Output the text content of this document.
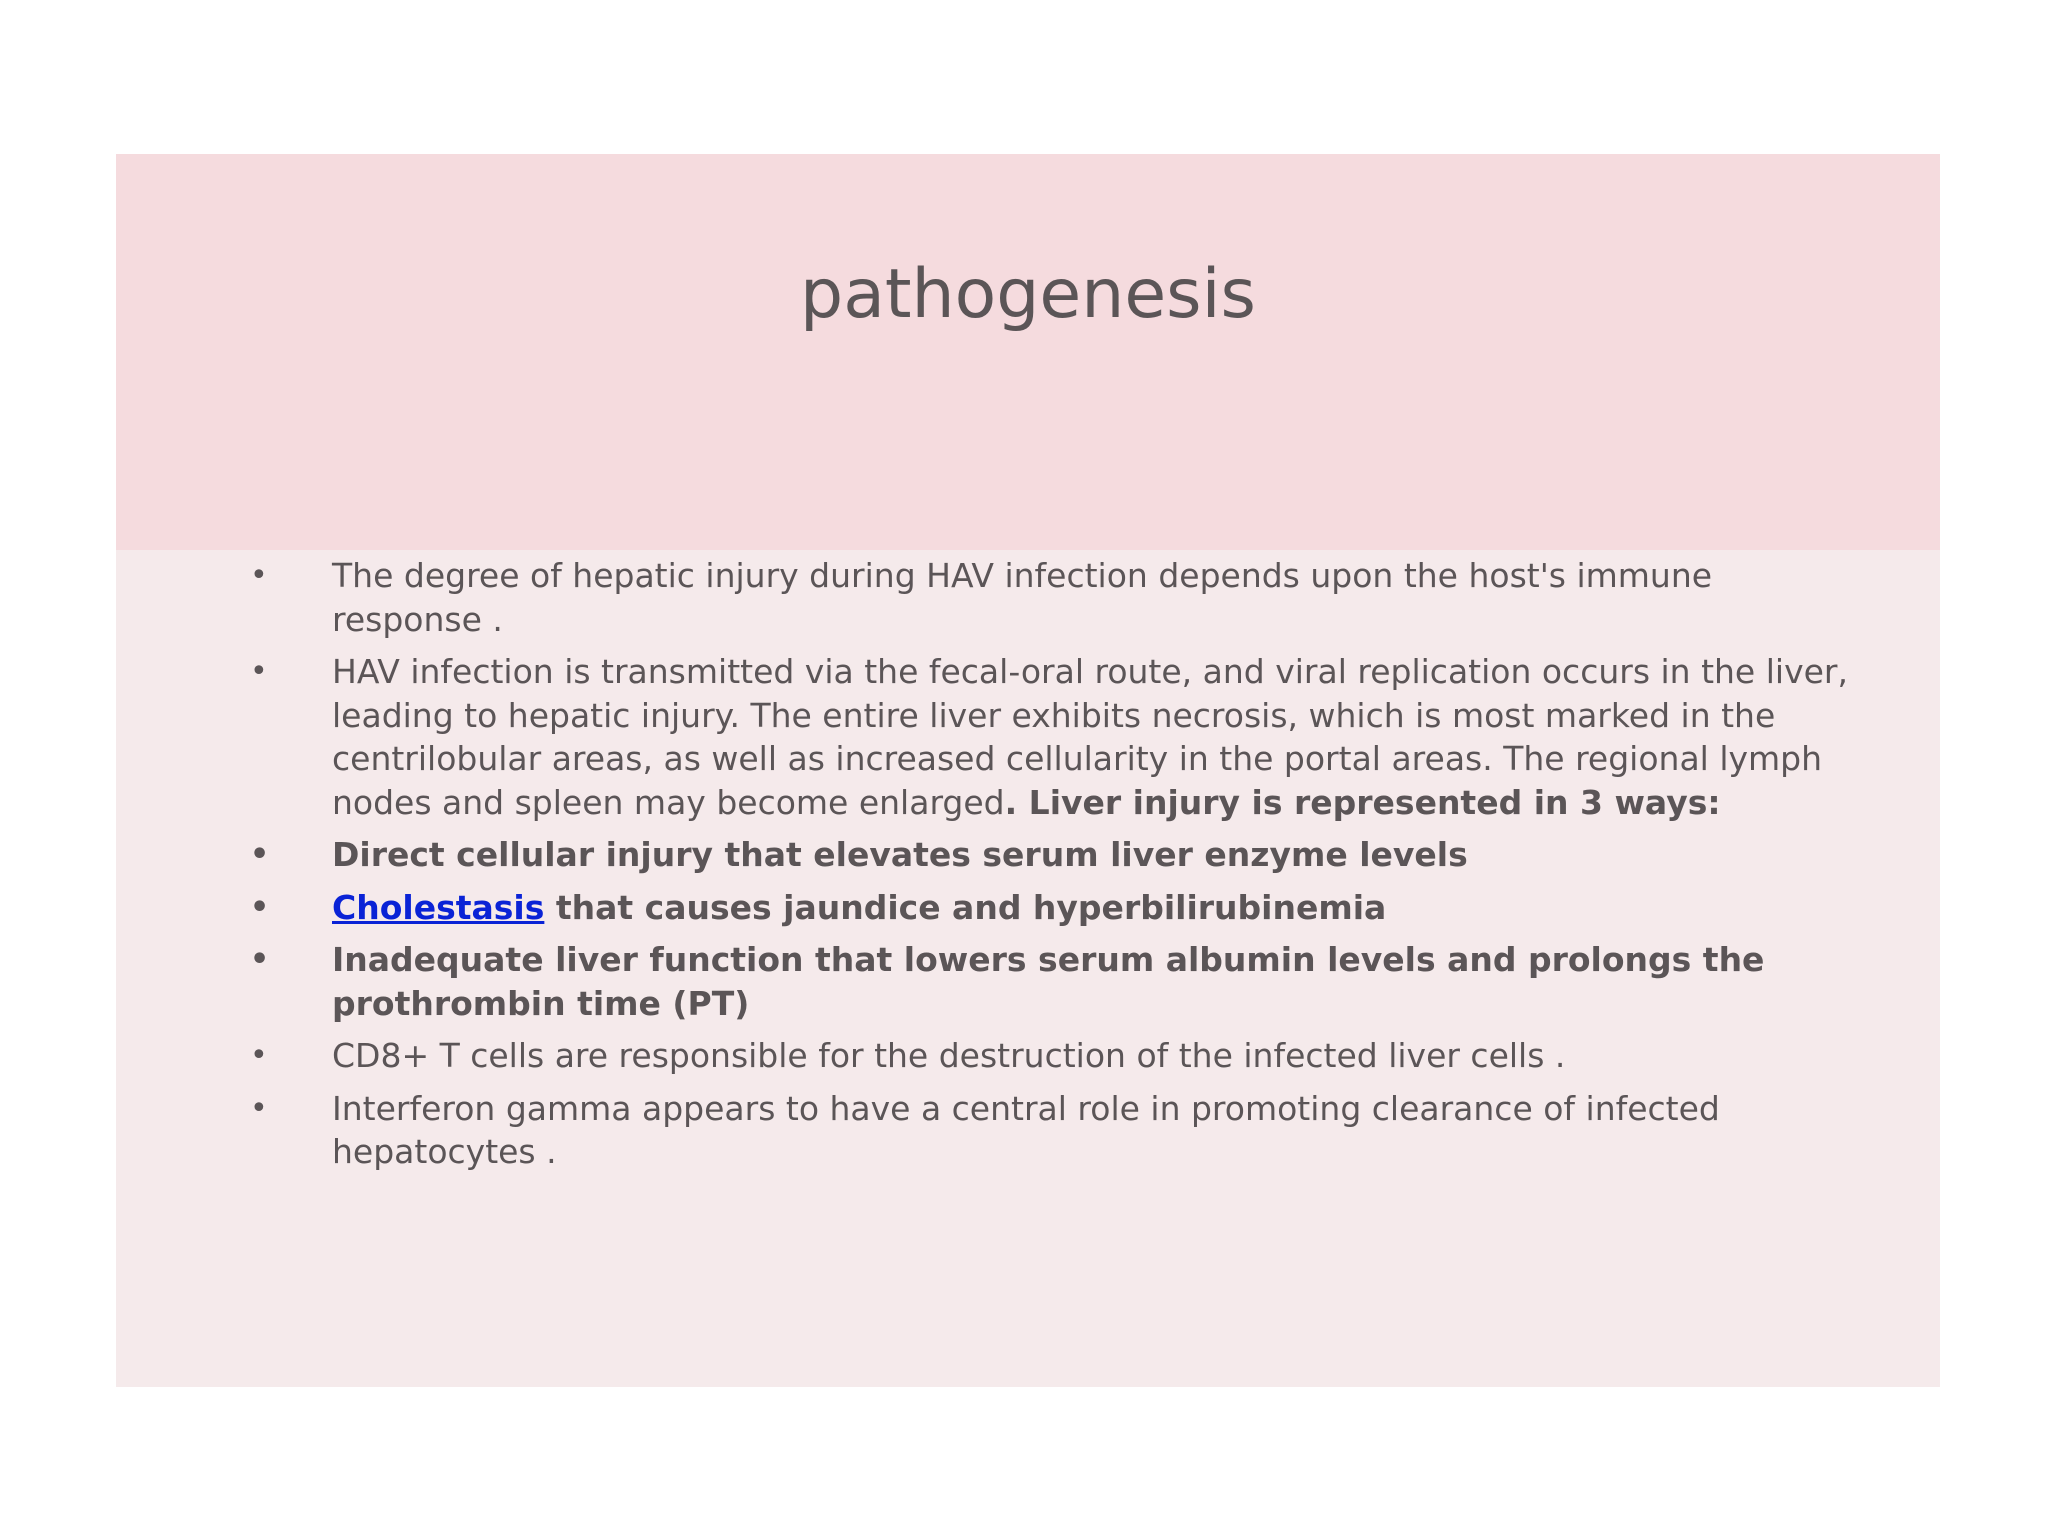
pathogenesis
• The degree of hepatic injury during HAV infection depends upon the host's immune response .
• HAV infection is transmitted via the fecal-oral route, and viral replication occurs in the liver, leading to hepatic injury. The entire liver exhibits necrosis, which is most marked in the centrilobular areas, as well as increased cellularity in the portal areas. The regional lymph nodes and spleen may become enlarged. Liver injury is represented in 3 ways:
• Direct cellular injury that elevates serum liver enzyme levels
• Cholestasis that causes jaundice and hyperbilirubinemia
• Inadequate liver function that lowers serum albumin levels and prolongs the prothrombin time (PT)
• CD8+ T cells are responsible for the destruction of the infected liver cells .
• Interferon gamma appears to have a central role in promoting clearance of infected hepatocytes .
